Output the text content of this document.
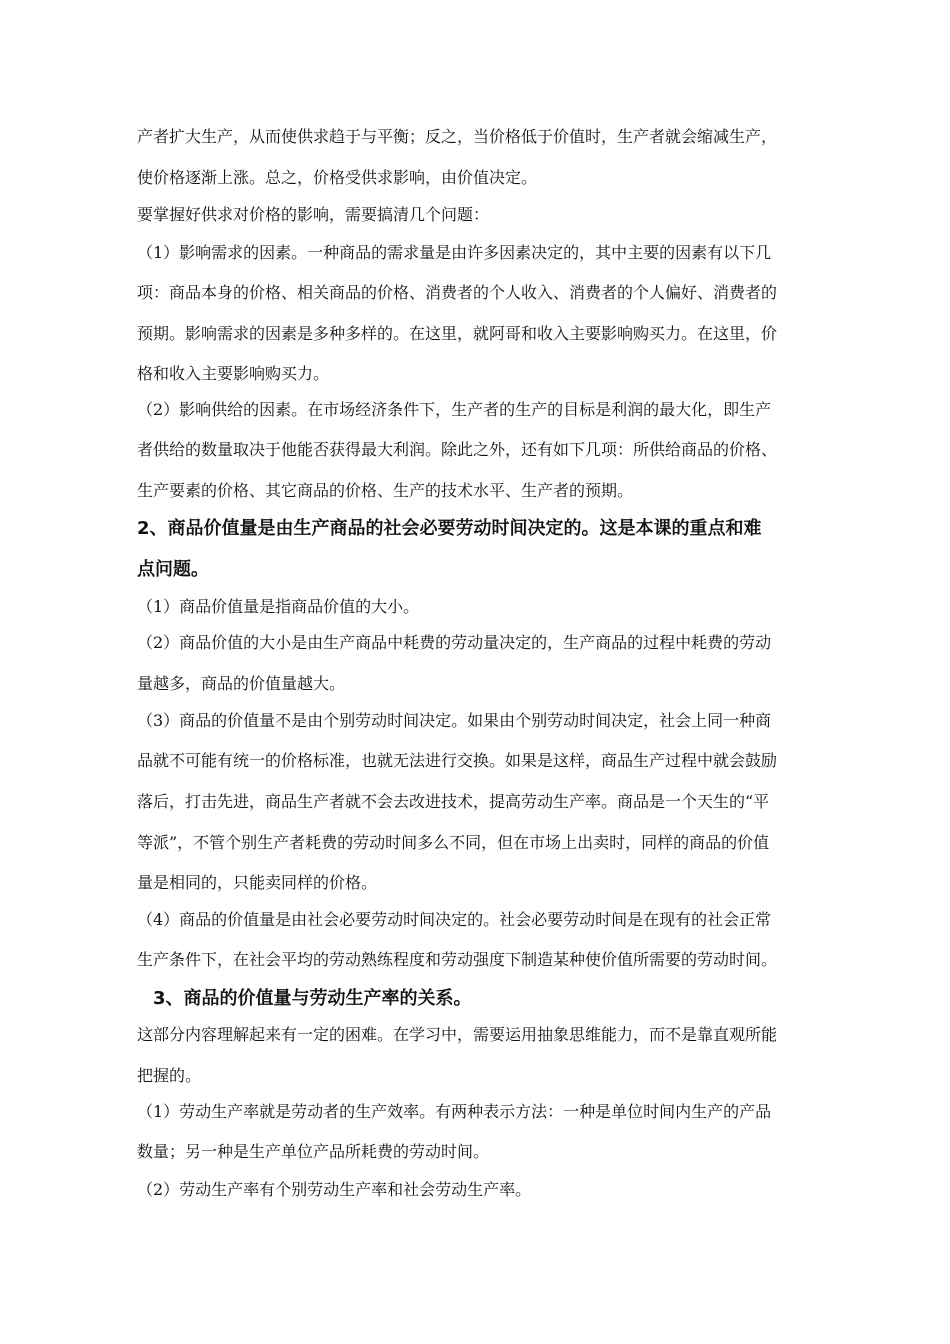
产者扩大生产，从而使供求趋于与平衡；反之，当价格低于价值时，生产者就会缩减生产，
使价格逐渐上涨。总之，价格受供求影响，由价值决定。
要掌握好供求对价格的影响，需要搞清几个问题：
（1）影响需求的因素。一种商品的需求量是由许多因素决定的，其中主要的因素有以下几
项：商品本身的价格、相关商品的价格、消费者的个人收入、消费者的个人偏好、消费者的
预期。影响需求的因素是多种多样的。在这里，就阿哥和收入主要影响购买力。在这里，价
格和收入主要影响购买力。
（2）影响供给的因素。在市场经济条件下，生产者的生产的目标是利润的最大化，即生产
者供给的数量取决于他能否获得最大利润。除此之外，还有如下几项：所供给商品的价格、
生产要素的价格、其它商品的价格、生产的技术水平、生产者的预期。
2、商品价值量是由生产商品的社会必要劳动时间决定的。这是本课的重点和难
点问题。
（1）商品价值量是指商品价值的大小。
（2）商品价值的大小是由生产商品中耗费的劳动量决定的，生产商品的过程中耗费的劳动
量越多，商品的价值量越大。
（3）商品的价值量不是由个别劳动时间决定。如果由个别劳动时间决定，社会上同一种商
品就不可能有统一的价格标准，也就无法进行交换。如果是这样，商品生产过程中就会鼓励
落后，打击先进，商品生产者就不会去改进技术，提高劳动生产率。商品是一个天生的“平
等派”，不管个别生产者耗费的劳动时间多么不同，但在市场上出卖时，同样的商品的价值
量是相同的，只能卖同样的价格。
（4）商品的价值量是由社会必要劳动时间决定的。社会必要劳动时间是在现有的社会正常
生产条件下，在社会平均的劳动熟练程度和劳动强度下制造某种使价值所需要的劳动时间。
3、商品的价值量与劳动生产率的关系。
这部分内容理解起来有一定的困难。在学习中，需要运用抽象思维能力，而不是靠直观所能
把握的。
（1）劳动生产率就是劳动者的生产效率。有两种表示方法：一种是单位时间内生产的产品
数量；另一种是生产单位产品所耗费的劳动时间。
（2）劳动生产率有个别劳动生产率和社会劳动生产率。
